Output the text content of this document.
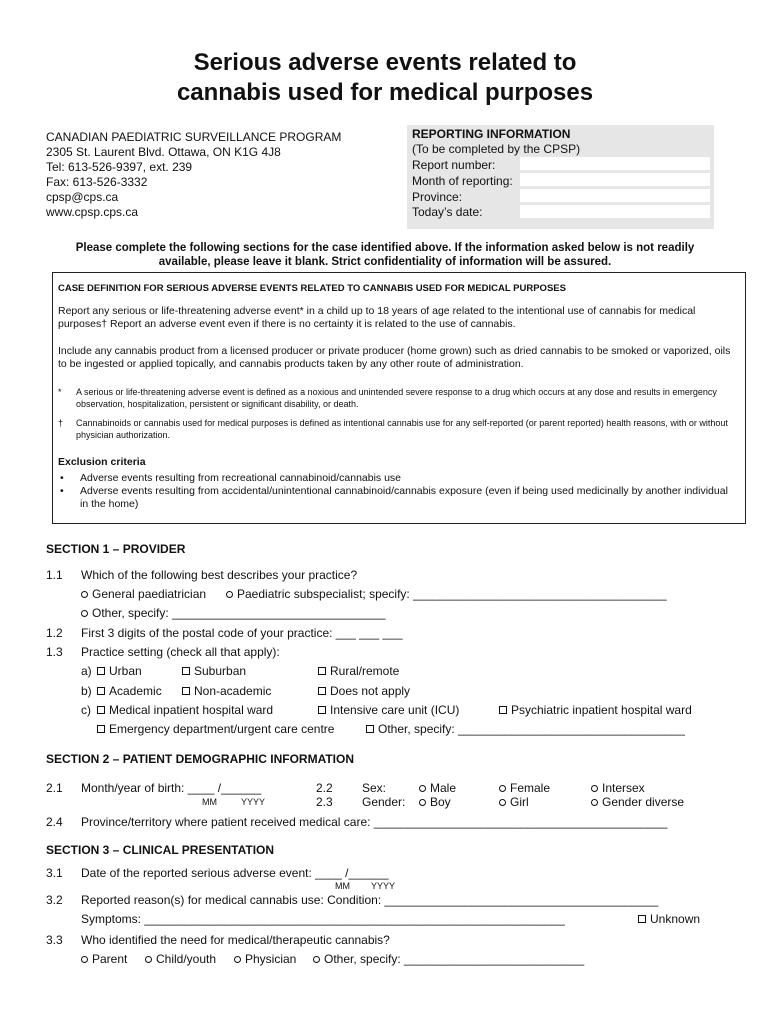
Serious adverse events related to
cannabis used for medical purposes
CANADIAN PAEDIATRIC SURVEILLANCE PROGRAM
2305 St. Laurent Blvd. Ottawa, ON K1G 4J8
Tel: 613-526-9397, ext. 239
Fax: 613-526-3332
cpsp@cps.ca
www.cpsp.cps.ca
REPORTING INFORMATION
(To be completed by the CPSP)
Report number:
Month of reporting:
Province:
Today’s date:
Please complete the following sections for the case identified above. If the information asked below is not readily
available, please leave it blank. Strict confidentiality of information will be assured.

CASE DEFINITION FOR SERIOUS ADVERSE EVENTS RELATED TO CANNABIS USED FOR MEDICAL PURPOSES

Report any serious or life-threatening adverse event* in a child up to 18 years of age related to the intentional use of cannabis for medical purposes† Report an adverse event even if there is no certainty it is related to the use of cannabis.

Include any cannabis product from a licensed producer or private producer (home grown) such as dried cannabis to be smoked or vaporized, oils to be ingested or applied topically, and cannabis products taken by any other route of administration.

* A serious or life-threatening adverse event is defined as a noxious and unintended severe response to a drug which occurs at any dose and results in emergency observation, hospitalization, persistent or significant disability, or death.
† Cannabinoids or cannabis used for medical purposes is defined as intentional cannabis use for any self-reported (or parent reported) health reasons, with or without physician authorization.

Exclusion criteria

• Adverse events resulting from recreational cannabinoid/cannabis use
• Adverse events resulting from accidental/unintentional cannabinoid/cannabis exposure (even if being used medicinally by another individual in the home)
SECTION 1 – PROVIDER
1.1 Which of the following best describes your practice?
General paediatrician	Paediatric subspecialist; specify: ______________________________________
Other, specify: ________________________________
1.2 First 3 digits of the postal code of your practice: ___ ___ ___
1.3 Practice setting (check all that apply):
a)	Urban	Suburban	Rural/remote
b)	Academic	Non-academic	Does not apply
c)	Medical inpatient hospital ward	Intensive care unit (ICU)	Psychiatric inpatient hospital ward
Emergency department/urgent care centre	Other, specify: __________________________________
SECTION 2 – PATIENT DEMOGRAPHIC INFORMATION
2.1 Month/year of birth: ____ /______
MM	YYYY
2.2 Sex:	Male	Female	Intersex
2.3 Gender:	Boy	Girl	Gender diverse
2.4 Province/territory where patient received medical care: ____________________________________________
SECTION 3 – CLINICAL PRESENTATION
3.1 Date of the reported serious adverse event: ____ /______
MM YYYY
3.2 Reported reason(s) for medical cannabis use: Condition: _________________________________________
Symptoms: _______________________________________________________________	Unknown
3.3 Who identified the need for medical/therapeutic cannabis?
Parent	Child/youth	Physician	Other, specify: ___________________________
